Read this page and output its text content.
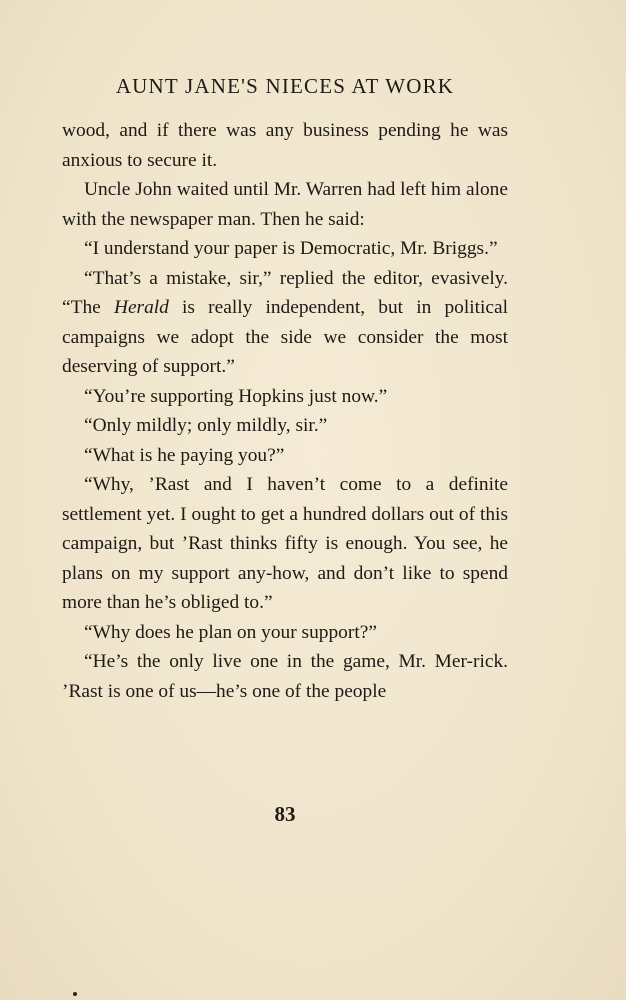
AUNT JANE'S NIECES AT WORK

wood, and if there was any business pending he was anxious to secure it.

Uncle John waited until Mr. Warren had left him alone with the newspaper man. Then he said:

“I understand your paper is Democratic, Mr. Briggs.”

“That’s a mistake, sir,” replied the editor, evasively. “The Herald is really independent, but in political campaigns we adopt the side we consider the most deserving of support.”

“You’re supporting Hopkins just now.”

“Only mildly; only mildly, sir.”

“What is he paying you?”

“Why, ’Rast and I haven’t come to a definite settlement yet. I ought to get a hundred dollars out of this campaign, but ’Rast thinks fifty is enough. You see, he plans on my support any-how, and don’t like to spend more than he’s obliged to.”

“Why does he plan on your support?”

“He’s the only live one in the game, Mr. Mer-rick. ’Rast is one of us—he’s one of the people

83
